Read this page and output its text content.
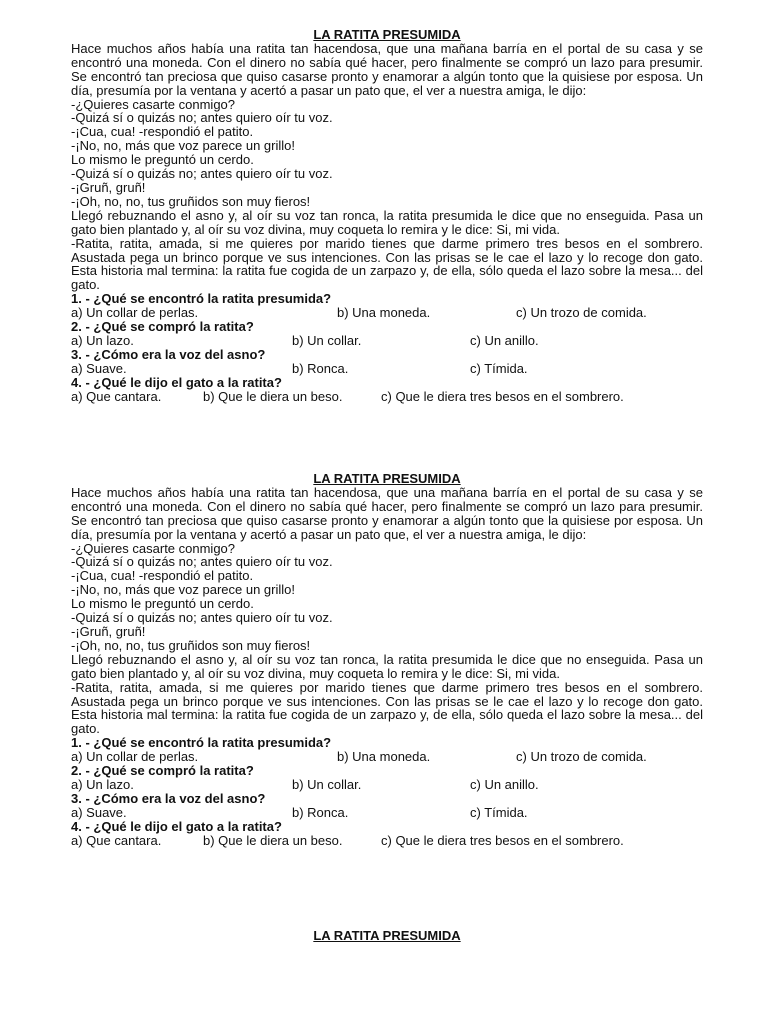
LA RATITA PRESUMIDA

Hace muchos años había una ratita tan hacendosa, que una mañana barría en el portal de su casa y se encontró una moneda. Con el dinero no sabía qué hacer, pero finalmente se compró un lazo para presumir. Se encontró tan preciosa que quiso casarse pronto y enamorar a algún tonto que la quisiese por esposa. Un día, presumía por la ventana y acertó a pasar un pato que, el ver a nuestra amiga, le dijo:

-¿Quieres casarte conmigo?

-Quizá sí o quizás no; antes quiero oír tu voz.

-¡Cua, cua! -respondió el patito.

-¡No, no, más que voz parece un grillo!

Lo mismo le preguntó un cerdo.

-Quizá sí o quizás no; antes quiero oír tu voz.

-¡Gruñ, gruñ!

-¡Oh, no, no, tus gruñidos son muy fieros!

Llegó rebuznando el asno y, al oír su voz tan ronca, la ratita presumida le dice que no enseguida. Pasa un gato bien plantado y, al oír su voz divina, muy coqueta lo remira y le dice: Si, mi vida.

-Ratita, ratita, amada, si me quieres por marido tienes que darme primero tres besos en el sombrero. Asustada pega un brinco porque ve sus intenciones. Con las prisas se le cae el lazo y lo recoge don gato. Esta historia mal termina: la ratita fue cogida de un zarpazo y, de ella, sólo queda el lazo sobre la mesa... del gato.

1. - ¿Qué se encontró la ratita presumida?

a) Un collar de perlas.	b) Una moneda.	c) Un trozo de comida.

2. - ¿Qué se compró la ratita?

a) Un lazo.	b) Un collar.	c) Un anillo.

3. - ¿Cómo era la voz del asno?

a) Suave.	b) Ronca.	c) Tímida.

4. - ¿Qué le dijo el gato a la ratita?

a) Que cantara.	b) Que le diera un beso.	c) Que le diera tres besos en el sombrero.

LA RATITA PRESUMIDA

Hace muchos años había una ratita tan hacendosa, que una mañana barría en el portal de su casa y se encontró una moneda. Con el dinero no sabía qué hacer, pero finalmente se compró un lazo para presumir. Se encontró tan preciosa que quiso casarse pronto y enamorar a algún tonto que la quisiese por esposa. Un día, presumía por la ventana y acertó a pasar un pato que, el ver a nuestra amiga, le dijo:

-¿Quieres casarte conmigo?

-Quizá sí o quizás no; antes quiero oír tu voz.

-¡Cua, cua! -respondió el patito.

-¡No, no, más que voz parece un grillo!

Lo mismo le preguntó un cerdo.

-Quizá sí o quizás no; antes quiero oír tu voz.

-¡Gruñ, gruñ!

-¡Oh, no, no, tus gruñidos son muy fieros!

Llegó rebuznando el asno y, al oír su voz tan ronca, la ratita presumida le dice que no enseguida. Pasa un gato bien plantado y, al oír su voz divina, muy coqueta lo remira y le dice: Si, mi vida.

-Ratita, ratita, amada, si me quieres por marido tienes que darme primero tres besos en el sombrero. Asustada pega un brinco porque ve sus intenciones. Con las prisas se le cae el lazo y lo recoge don gato. Esta historia mal termina: la ratita fue cogida de un zarpazo y, de ella, sólo queda el lazo sobre la mesa... del gato.

1. - ¿Qué se encontró la ratita presumida?

a) Un collar de perlas.	b) Una moneda.	c) Un trozo de comida.

2. - ¿Qué se compró la ratita?

a) Un lazo.	b) Un collar.	c) Un anillo.

3. - ¿Cómo era la voz del asno?

a) Suave.	b) Ronca.	c) Tímida.

4. - ¿Qué le dijo el gato a la ratita?

a) Que cantara.	b) Que le diera un beso.	c) Que le diera tres besos en el sombrero.

LA RATITA PRESUMIDA
